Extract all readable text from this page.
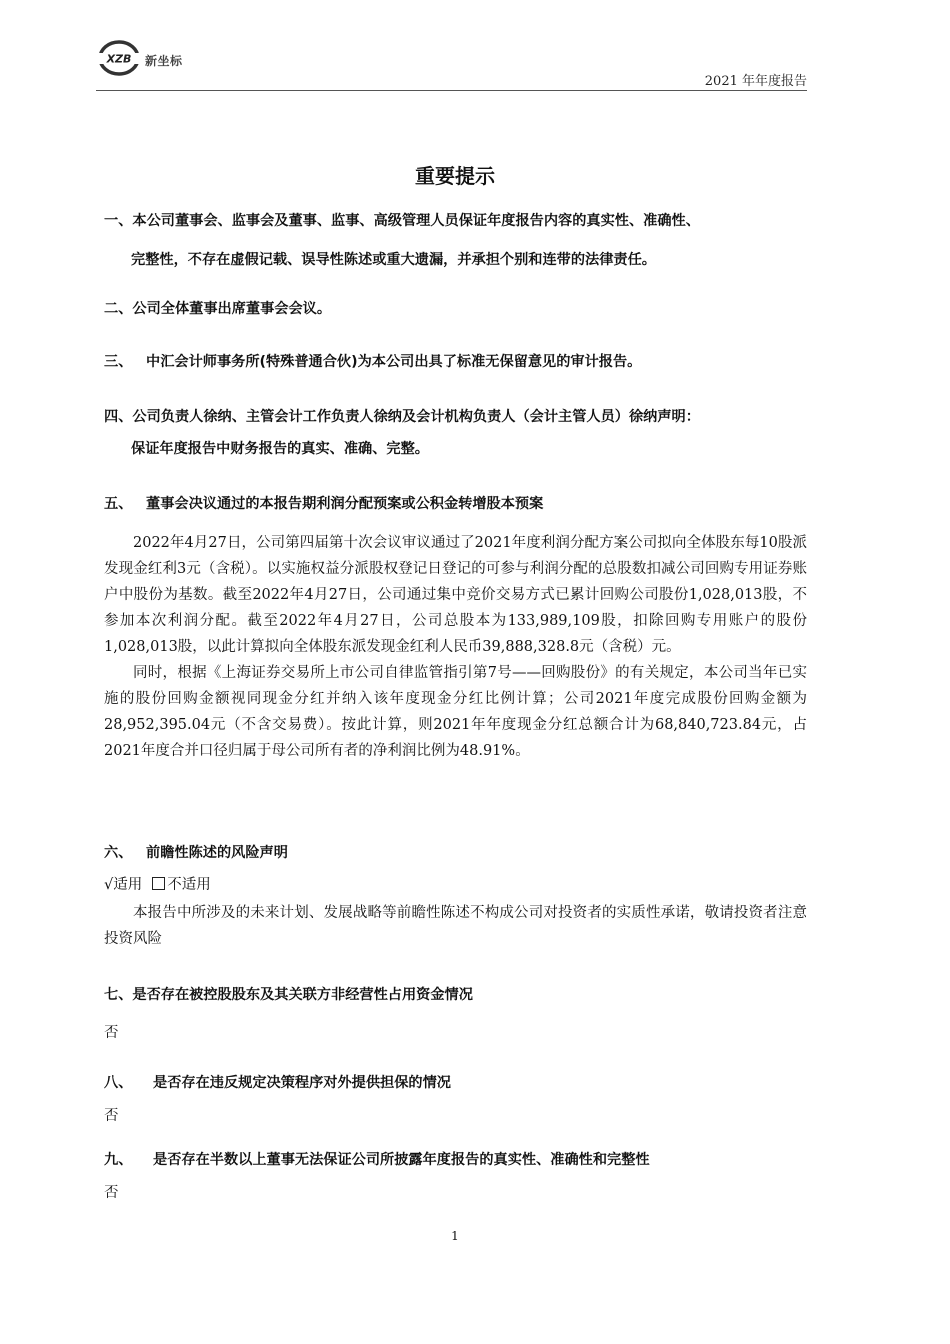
XZB 新坐标
2021 年年度报告
重要提示
一、本公司董事会、监事会及董事、监事、高级管理人员保证年度报告内容的真实性、准确性、
完整性，不存在虚假记载、误导性陈述或重大遗漏，并承担个别和连带的法律责任。
二、公司全体董事出席董事会会议。
三、 中汇会计师事务所(特殊普通合伙)为本公司出具了标准无保留意见的审计报告。
四、公司负责人徐纳、主管会计工作负责人徐纳及会计机构负责人（会计主管人员）徐纳声明：
保证年度报告中财务报告的真实、准确、完整。
五、 董事会决议通过的本报告期利润分配预案或公积金转增股本预案

2022年4月27日，公司第四届第十次会议审议通过了2021年度利润分配方案公司拟向全体股东每10股派发现金红利3元（含税）。以实施权益分派股权登记日登记的可参与利润分配的总股数扣减公司回购专用证券账户中股份为基数。截至2022年4月27日，公司通过集中竞价交易方式已累计回购公司股份1,028,013股，不参加本次利润分配。截至2022年4月27日，公司总股本为133,989,109股，扣除回购专用账户的股份1,028,013股，以此计算拟向全体股东派发现金红利人民币39,888,328.8元（含税）元。

同时，根据《上海证券交易所上市公司自律监管指引第7号——回购股份》的有关规定，本公司当年已实施的股份回购金额视同现金分红并纳入该年度现金分红比例计算；公司2021年度完成股份回购金额为28,952,395.04元（不含交易费）。按此计算，则2021年年度现金分红总额合计为68,840,723.84元，占2021年度合并口径归属于母公司所有者的净利润比例为48.91%。

六、 前瞻性陈述的风险声明
√适用 不适用

本报告中所涉及的未来计划、发展战略等前瞻性陈述不构成公司对投资者的实质性承诺，敬请投资者注意投资风险

七、是否存在被控股股东及其关联方非经营性占用资金情况
否
八、 是否存在违反规定决策程序对外提供担保的情况
否
九、 是否存在半数以上董事无法保证公司所披露年度报告的真实性、准确性和完整性
否
1
